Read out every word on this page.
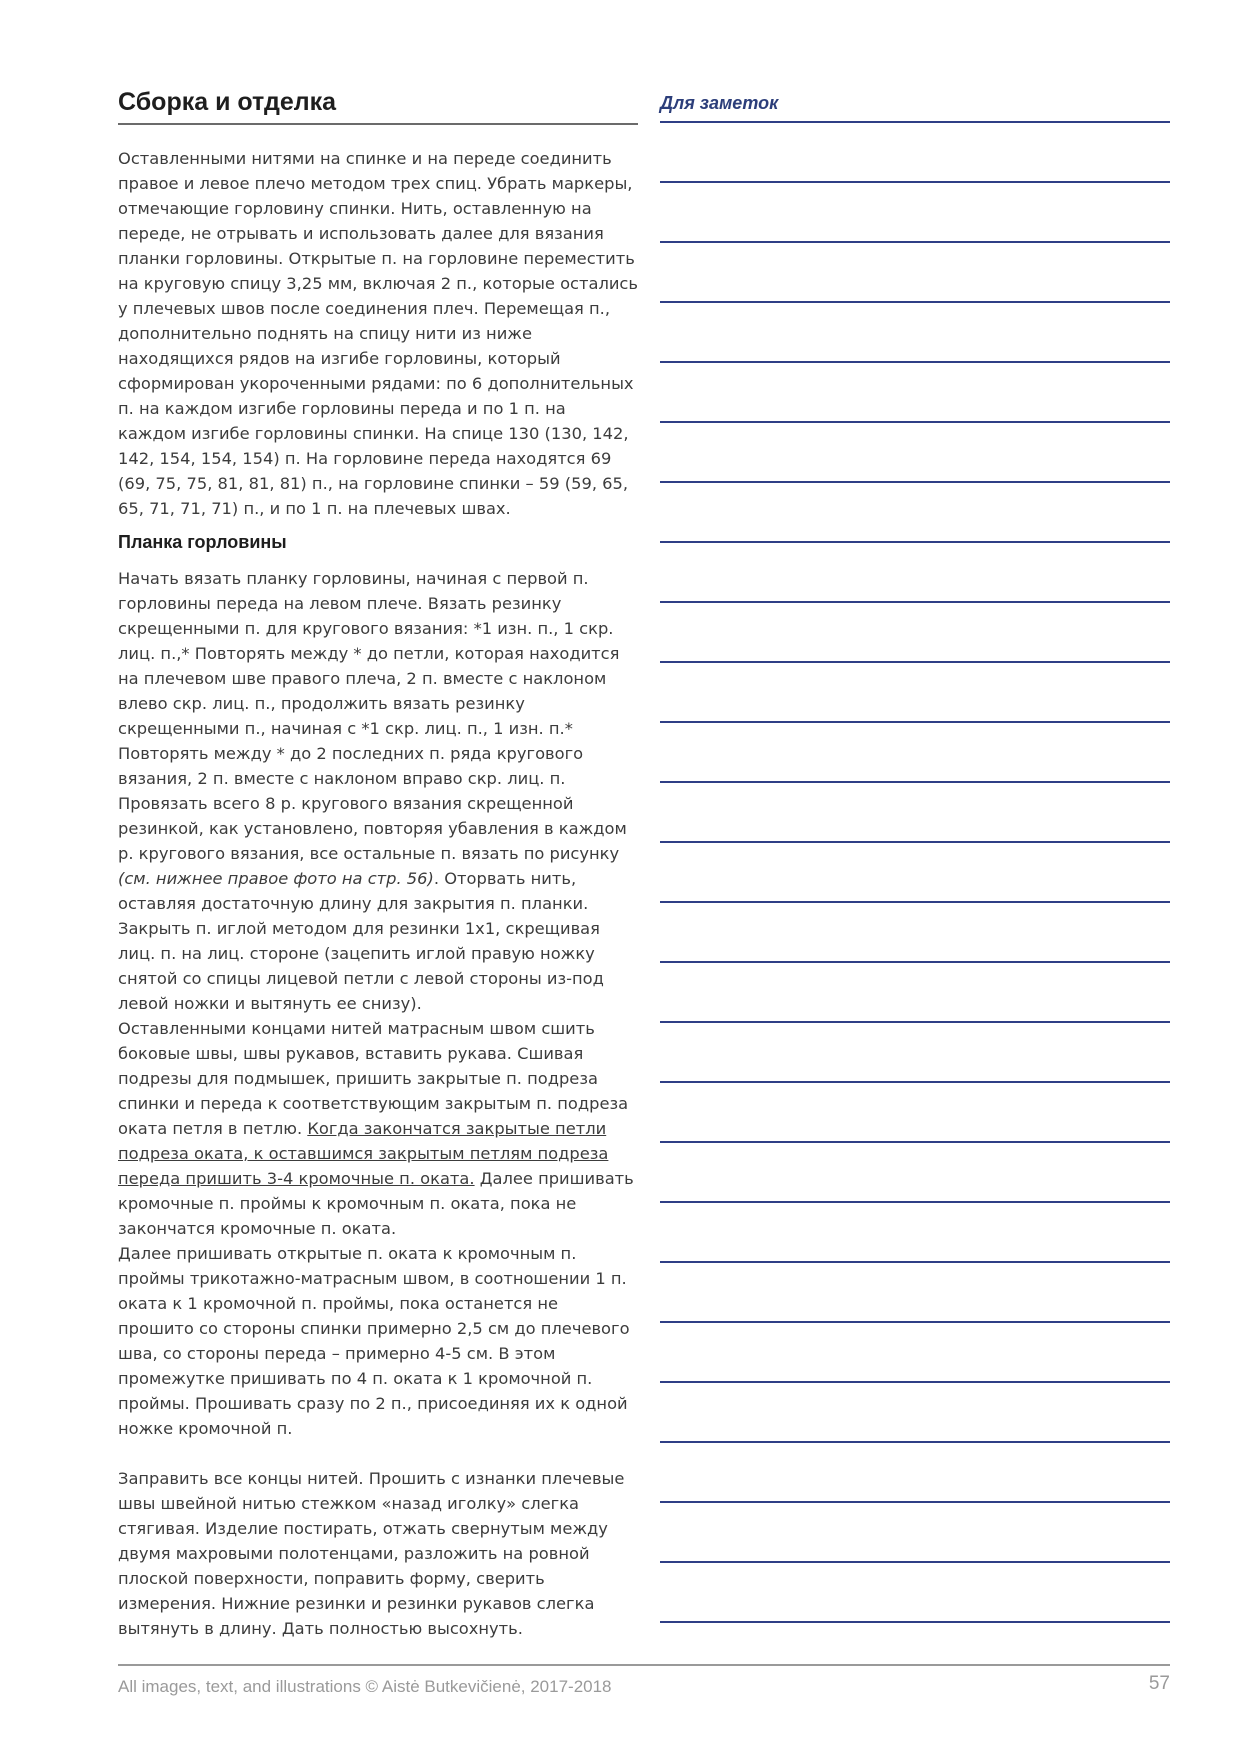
Сборка и отделка

Оставленными нитями на спинке и на переде соединить правое и левое плечо методом трех спиц. Убрать маркеры, отмечающие горловину спинки. Нить, оставленную на переде, не отрывать и использовать далее для вязания планки горловины. Открытые п. на горловине переместить на круговую спицу 3,25 мм, включая 2 п., которые остались у плечевых швов после соединения плеч. Перемещая п., дополнительно поднять на спицу нити из ниже находящихся рядов на изгибе горловины, который сформирован укороченными рядами: по 6 дополнительных п. на каждом изгибе горловины переда и по 1 п. на каждом изгибе горловины спинки. На спице 130 (130, 142, 142, 154, 154, 154) п. На горловине переда находятся 69 (69, 75, 75, 81, 81, 81) п., на горловине спинки – 59 (59, 65, 65, 71, 71, 71) п., и по 1 п. на плечевых швах.

Планка горловины

Начать вязать планку горловины, начиная с первой п. горловины переда на левом плече. Вязать резинку скрещенными п. для кругового вязания: *1 изн. п., 1 скр. лиц. п.,* Повторять между * до петли, которая находится на плечевом шве правого плеча, 2 п. вместе с наклоном влево скр. лиц. п., продолжить вязать резинку скрещенными п., начиная с *1 скр. лиц. п., 1 изн. п.* Повторять между * до 2 последних п. ряда кругового вязания, 2 п. вместе с наклоном вправо скр. лиц. п.

Провязать всего 8 р. кругового вязания скрещенной резинкой, как установлено, повторяя убавления в каждом р. кругового вязания, все остальные п. вязать по рисунку (см. нижнее правое фото на стр. 56). Оторвать нить, оставляя достаточную длину для закрытия п. планки. Закрыть п. иглой методом для резинки 1х1, скрещивая лиц. п. на лиц. стороне (зацепить иглой правую ножку снятой со спицы лицевой петли с левой стороны из-под левой ножки и вытянуть ее снизу).

Оставленными концами нитей матрасным швом сшить боковые швы, швы рукавов, вставить рукава. Сшивая подрезы для подмышек, пришить закрытые п. подреза спинки и переда к соответствующим закрытым п. подреза оката петля в петлю. Когда закончатся закрытые петли подреза оката, к оставшимся закрытым петлям подреза переда пришить 3-4 кромочные п. оката. Далее пришивать кромочные п. проймы к кромочным п. оката, пока не закончатся кромочные п. оката.

Далее пришивать открытые п. оката к кромочным п. проймы трикотажно-матрасным швом, в соотношении 1 п. оката к 1 кромочной п. проймы, пока останется не прошито со стороны спинки примерно 2,5 см до плечевого шва, со стороны переда – примерно 4-5 см. В этом промежутке пришивать по 4 п. оката к 1 кромочной п. проймы. Прошивать сразу по 2 п., присоединяя их к одной ножке кромочной п.

Заправить все концы нитей. Прошить с изнанки плечевые швы швейной нитью стежком «назад иголку» слегка стягивая. Изделие постирать, отжать свернутым между двумя махровыми полотенцами, разложить на ровной плоской поверхности, поправить форму, сверить измерения. Нижние резинки и резинки рукавов слегка вытянуть в длину. Дать полностью высохнуть.

Для заметок
All images, text, and illustrations © Aistė Butkevičienė, 2017-2018	57
